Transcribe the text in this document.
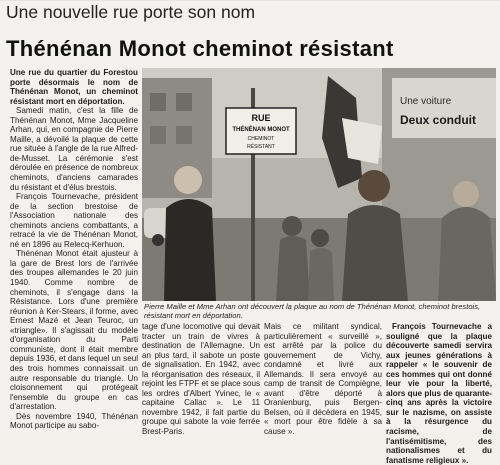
Une nouvelle rue porte son nom
Thénénan Monot cheminot résistant

Une rue du quartier du Forestou porte désormais le nom de Thénénan Monot, un cheminot résistant mort en déportation.

Samedi matin, c'est la fille de Thénénan Monot, Mme Jacqueline Arhan, qui, en compagnie de Pierre Maille, a dévoilé la plaque de cette rue située à l'angle de la rue Alfred-de-Musset. La cérémonie s'est déroulée en présence de nombreux cheminots, d'anciens camarades du résistant et d'élus brestois.

François Tournevache, président de la section brestoise de l'Association nationale des cheminots anciens combattants, a retracé la vie de Thénénan Monot, né en 1896 au Relecq-Kerhuon.

Thénénan Monot était ajusteur à la gare de Brest lors de l'arrivée des troupes allemandes le 20 juin 1940. Comme nombre de cheminots, il s'engage dans la Résistance. Lors d'une première réunion à Ker-Stears, il forme, avec Ernest Mazé et Jean Teuroc, un «triangle». Il s'agissait du modèle d'organisation du Parti communiste, dont il était membre depuis 1936, et dans lequel un seul des trois hommes connaissait un autre responsable du triangle. Un cloisonnement qui protégeait l'ensemble du groupe en cas d'arrestation.

Dès novembre 1940, Thénénan Monot participe au sabo-

RUE
THÉNÉNAN MONOT
CHEMINOT
RÉSISTANT
Une voiture
Deux conduit
Pierre Maille et Mme Arhan ont découvert la plaque au nom de Thénénan Monot, cheminot brestois, résistant mort en déportation.

tage d'une locomotive qui devait tracter un train de vivres à destination de l'Allemagne. Un an plus tard, il sabote un poste de signalisation. En 1942, avec la réorganisation des réseaux, il rejoint les FTPF et se place sous les ordres d'Albert Yvinec, le « capitaine Callac ». Le 11 novembre 1942, il fait partie du groupe qui sabote la voie ferrée Brest-Paris.

Mais ce militant syndical, particulièrement « surveillé », est arrêté par la police du gouvernement de Vichy, condamné et livré aux Allemands. Il sera envoyé au camp de transit de Compiègne, avant d'être déporté à Oranienburg, puis Bergen-Belsen, où il décèdera en 1945, « mort pour être fidèle à sa cause ».

François Tournevache a souligné que la plaque découverte samedi servira aux jeunes générations à rappeler « le souvenir de ces hommes qui ont donné leur vie pour la liberté, alors que plus de quarante-cinq ans après la victoire sur le nazisme, on assiste à la résurgence du racisme, de l'antisémitisme, des nationalismes et du fanatisme religieux ».
